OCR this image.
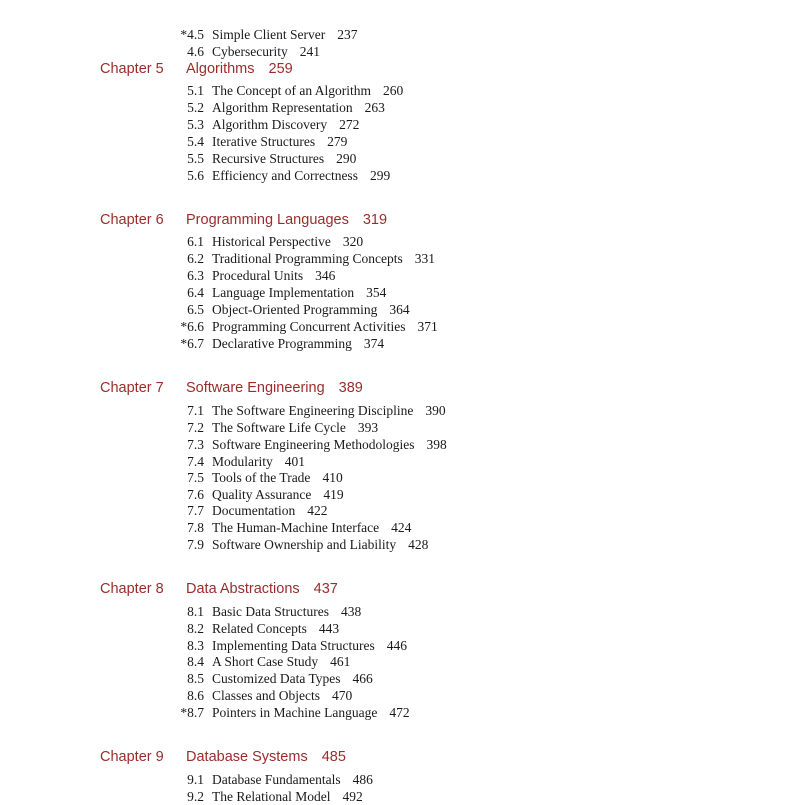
*4.5 Simple Client Server 237
4.6 Cybersecurity 241
Chapter 5 Algorithms 259
5.1 The Concept of an Algorithm 260
5.2 Algorithm Representation 263
5.3 Algorithm Discovery 272
5.4 Iterative Structures 279
5.5 Recursive Structures 290
5.6 Efficiency and Correctness 299
Chapter 6 Programming Languages 319
6.1 Historical Perspective 320
6.2 Traditional Programming Concepts 331
6.3 Procedural Units 346
6.4 Language Implementation 354
6.5 Object-Oriented Programming 364
*6.6 Programming Concurrent Activities 371
*6.7 Declarative Programming 374
Chapter 7 Software Engineering 389
7.1 The Software Engineering Discipline 390
7.2 The Software Life Cycle 393
7.3 Software Engineering Methodologies 398
7.4 Modularity 401
7.5 Tools of the Trade 410
7.6 Quality Assurance 419
7.7 Documentation 422
7.8 The Human-Machine Interface 424
7.9 Software Ownership and Liability 428
Chapter 8 Data Abstractions 437
8.1 Basic Data Structures 438
8.2 Related Concepts 443
8.3 Implementing Data Structures 446
8.4 A Short Case Study 461
8.5 Customized Data Types 466
8.6 Classes and Objects 470
*8.7 Pointers in Machine Language 472
Chapter 9 Database Systems 485
9.1 Database Fundamentals 486
9.2 The Relational Model 492
